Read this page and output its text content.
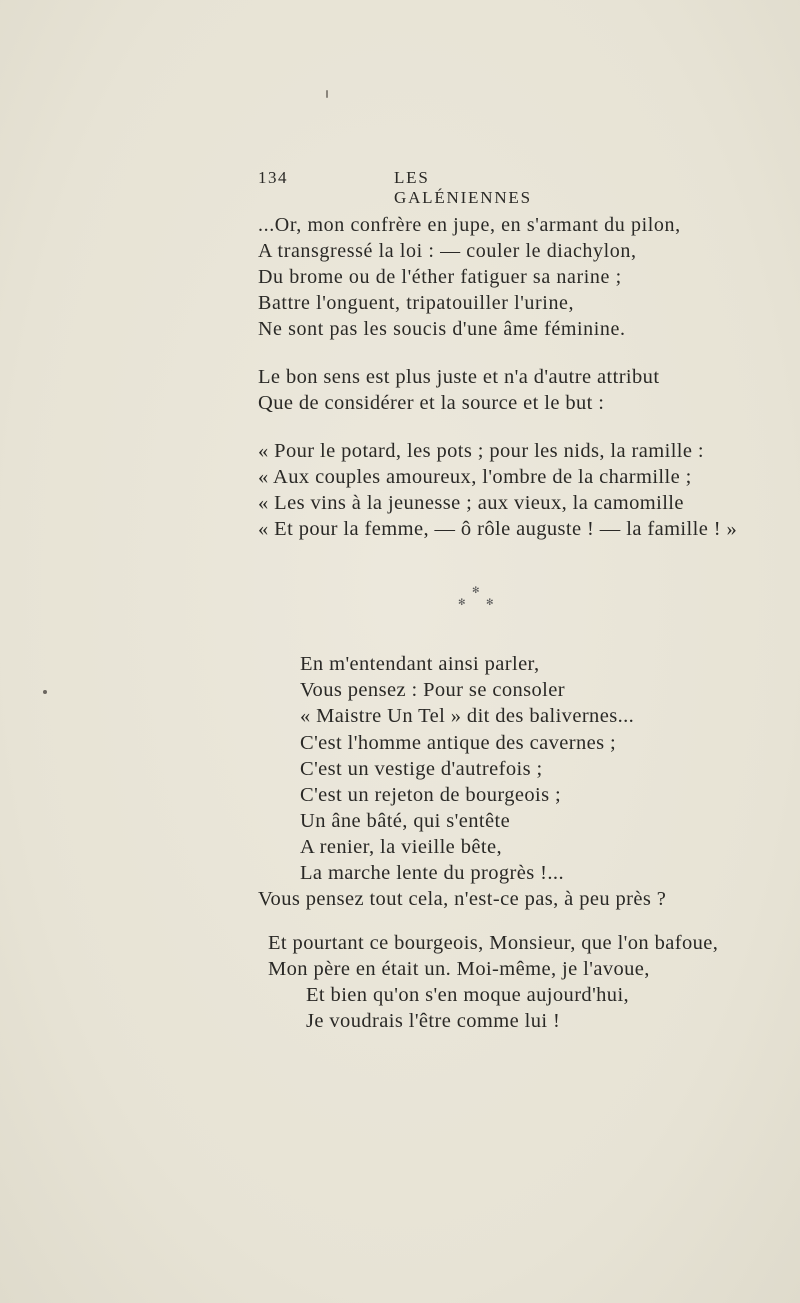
134	LES GALÉNIENNES
...Or, mon confrère en jupe, en s'armant du pilon,
A transgressé la loi : — couler le diachylon,
Du brome ou de l'éther fatiguer sa narine ;
Battre l'onguent, tripatouiller l'urine,
Ne sont pas les soucis d'une âme féminine.
Le bon sens est plus juste et n'a d'autre attribut
Que de considérer et la source et le but :
« Pour le potard, les pots ; pour les nids, la ramille :
« Aux couples amoureux, l'ombre de la charmille ;
« Les vins à la jeunesse ; aux vieux, la camomille
« Et pour la femme, — ô rôle auguste ! — la famille ! »
✻
✻ ✻
En m'entendant ainsi parler,
Vous pensez : Pour se consoler
« Maistre Un Tel » dit des balivernes...
C'est l'homme antique des cavernes ;
C'est un vestige d'autrefois ;
C'est un rejeton de bourgeois ;
Un âne bâté, qui s'entête
A renier, la vieille bête,
La marche lente du progrès !...
Vous pensez tout cela, n'est-ce pas, à peu près ?
Et pourtant ce bourgeois, Monsieur, que l'on bafoue,
Mon père en était un. Moi-même, je l'avoue,
Et bien qu'on s'en moque aujourd'hui,
Je voudrais l'être comme lui !
